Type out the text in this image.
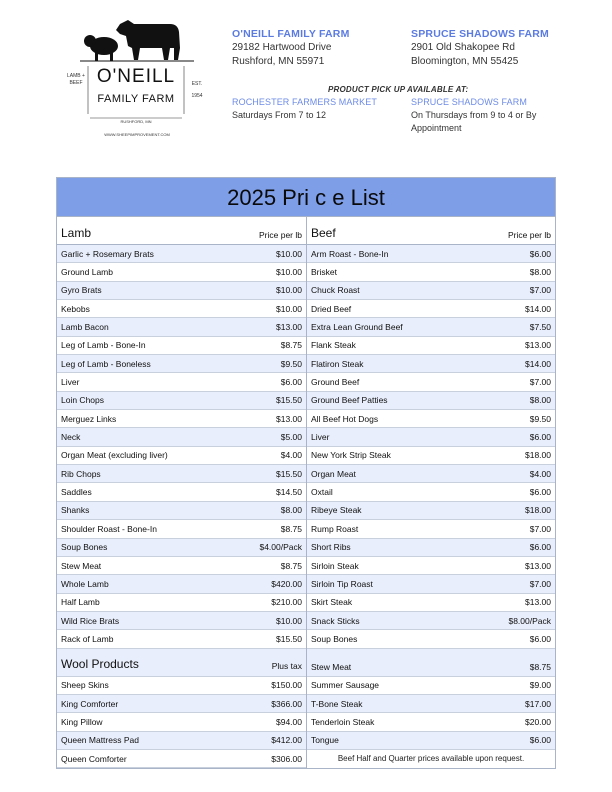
LAMB + BEEF O'NEILL
FAMILY FARM
EST.
1954
RUSHFORD, MN
WWW.SHEEPIMPROVEMENT.COM
O'NEILL FAMILY FARM
29182 Hartwood Drive
Rushford, MN 55971
SPRUCE SHADOWS FARM
2901 Old Shakopee Rd
Bloomington, MN 55425
PRODUCT PICK UP AVAILABLE AT:
ROCHESTER FARMERS MARKET
Saturdays From 7 to 12
SPRUCE SHADOWS FARM
On Thursdays from 9 to 4 or By
Appointment
2025 Pri c e List
Lamb	Price per lb
Garlic + Rosemary Brats	$10.00
Ground Lamb	$10.00
Gyro Brats	$10.00
Kebobs	$10.00
Lamb Bacon	$13.00
Leg of Lamb - Bone-In	$8.75
Leg of Lamb - Boneless	$9.50
Liver	$6.00
Loin Chops	$15.50
Merguez Links	$13.00
Neck	$5.00
Organ Meat (excluding liver)	$4.00
Rib Chops	$15.50
Saddles	$14.50
Shanks	$8.00
Shoulder Roast - Bone-In	$8.75
Soup Bones	$4.00/Pack
Stew Meat	$8.75
Whole Lamb	$420.00
Half Lamb	$210.00
Wild Rice Brats	$10.00
Rack of Lamb	$15.50
Wool Products	Plus tax
Sheep Skins	$150.00
King Comforter	$366.00
King Pillow	$94.00
Queen Mattress Pad	$412.00
Queen Comforter	$306.00
Beef	Price per lb
Arm Roast - Bone-In	$6.00
Brisket	$8.00
Chuck Roast	$7.00
Dried Beef	$14.00
Extra Lean Ground Beef	$7.50
Flank Steak	$13.00
Flatiron Steak	$14.00
Ground Beef	$7.00
Ground Beef Patties	$8.00
All Beef Hot Dogs	$9.50
Liver	$6.00
New York Strip Steak	$18.00
Organ Meat	$4.00
Oxtail	$6.00
Ribeye Steak	$18.00
Rump Roast	$7.00
Short Ribs	$6.00
Sirloin Steak	$13.00
Sirloin Tip Roast	$7.00
Skirt Steak	$13.00
Snack Sticks	$8.00/Pack
Soup Bones	$6.00
Stew Meat	$8.75
Summer Sausage	$9.00
T-Bone Steak	$17.00
Tenderloin Steak	$20.00
Tongue	$6.00
Beef Half and Quarter prices available upon request.
